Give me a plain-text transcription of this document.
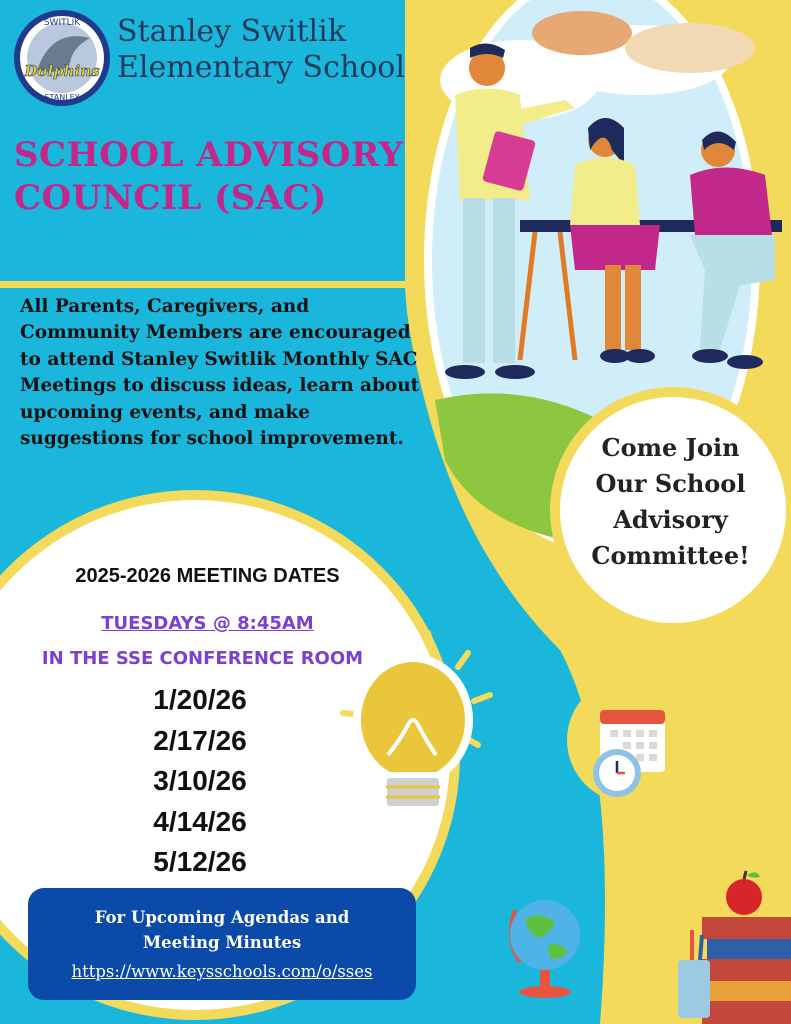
SWITLIK
Dolphins
STANLEY
Stanley Switlik
Elementary School
SCHOOL ADVISORY
COUNCIL (SAC)
All Parents, Caregivers, and Community Members are encouraged to attend Stanley Switlik Monthly SAC Meetings to discuss ideas, learn about upcoming events, and make suggestions for school improvement.	Come Join
Our School
Advisory
Committee!
2025-2026 MEETING DATES
TUESDAYS @ 8:45AM
IN THE SSE CONFERENCE ROOM
1/20/26
2/17/26
3/10/26
4/14/26
5/12/26
For Upcoming Agendas and
Meeting Minutes
https://www.keysschools.com/o/sses
